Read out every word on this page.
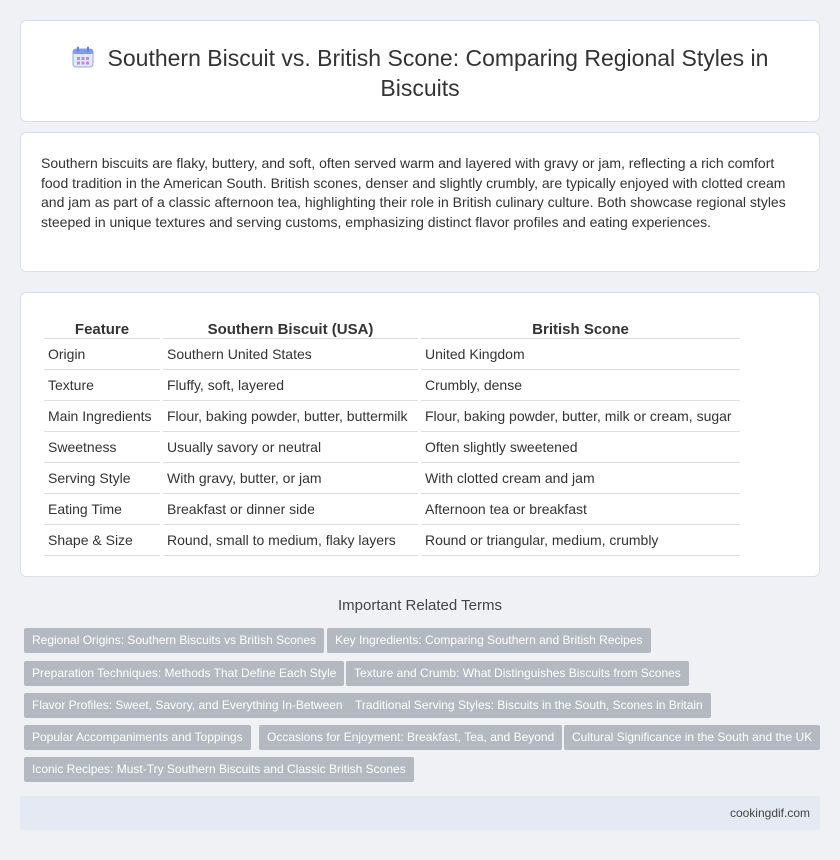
Southern Biscuit vs. British Scone: Comparing Regional Styles in Biscuits

Southern biscuits are flaky, buttery, and soft, often served warm and layered with gravy or jam, reflecting a rich comfort food tradition in the American South. British scones, denser and slightly crumbly, are typically enjoyed with clotted cream and jam as part of a classic afternoon tea, highlighting their role in British culinary culture. Both showcase regional styles steeped in unique textures and serving customs, emphasizing distinct flavor profiles and eating experiences.

Feature	Southern Biscuit (USA)	British Scone
Origin	Southern United States	United Kingdom
Texture	Fluffy, soft, layered	Crumbly, dense
Main Ingredients	Flour, baking powder, butter, buttermilk	Flour, baking powder, butter, milk or cream, sugar
Sweetness	Usually savory or neutral	Often slightly sweetened
Serving Style	With gravy, butter, or jam	With clotted cream and jam
Eating Time	Breakfast or dinner side	Afternoon tea or breakfast
Shape & Size	Round, small to medium, flaky layers	Round or triangular, medium, crumbly
Important Related Terms
Regional Origins: Southern Biscuits vs British Scones	Key Ingredients: Comparing Southern and British Recipes
Preparation Techniques: Methods That Define Each Style	Texture and Crumb: What Distinguishes Biscuits from Scones
Flavor Profiles: Sweet, Savory, and Everything In-Between	Traditional Serving Styles: Biscuits in the South, Scones in Britain
Popular Accompaniments and Toppings	Occasions for Enjoyment: Breakfast, Tea, and Beyond	Cultural Significance in the South and the UK
Iconic Recipes: Must-Try Southern Biscuits and Classic British Scones
cookingdif.com
